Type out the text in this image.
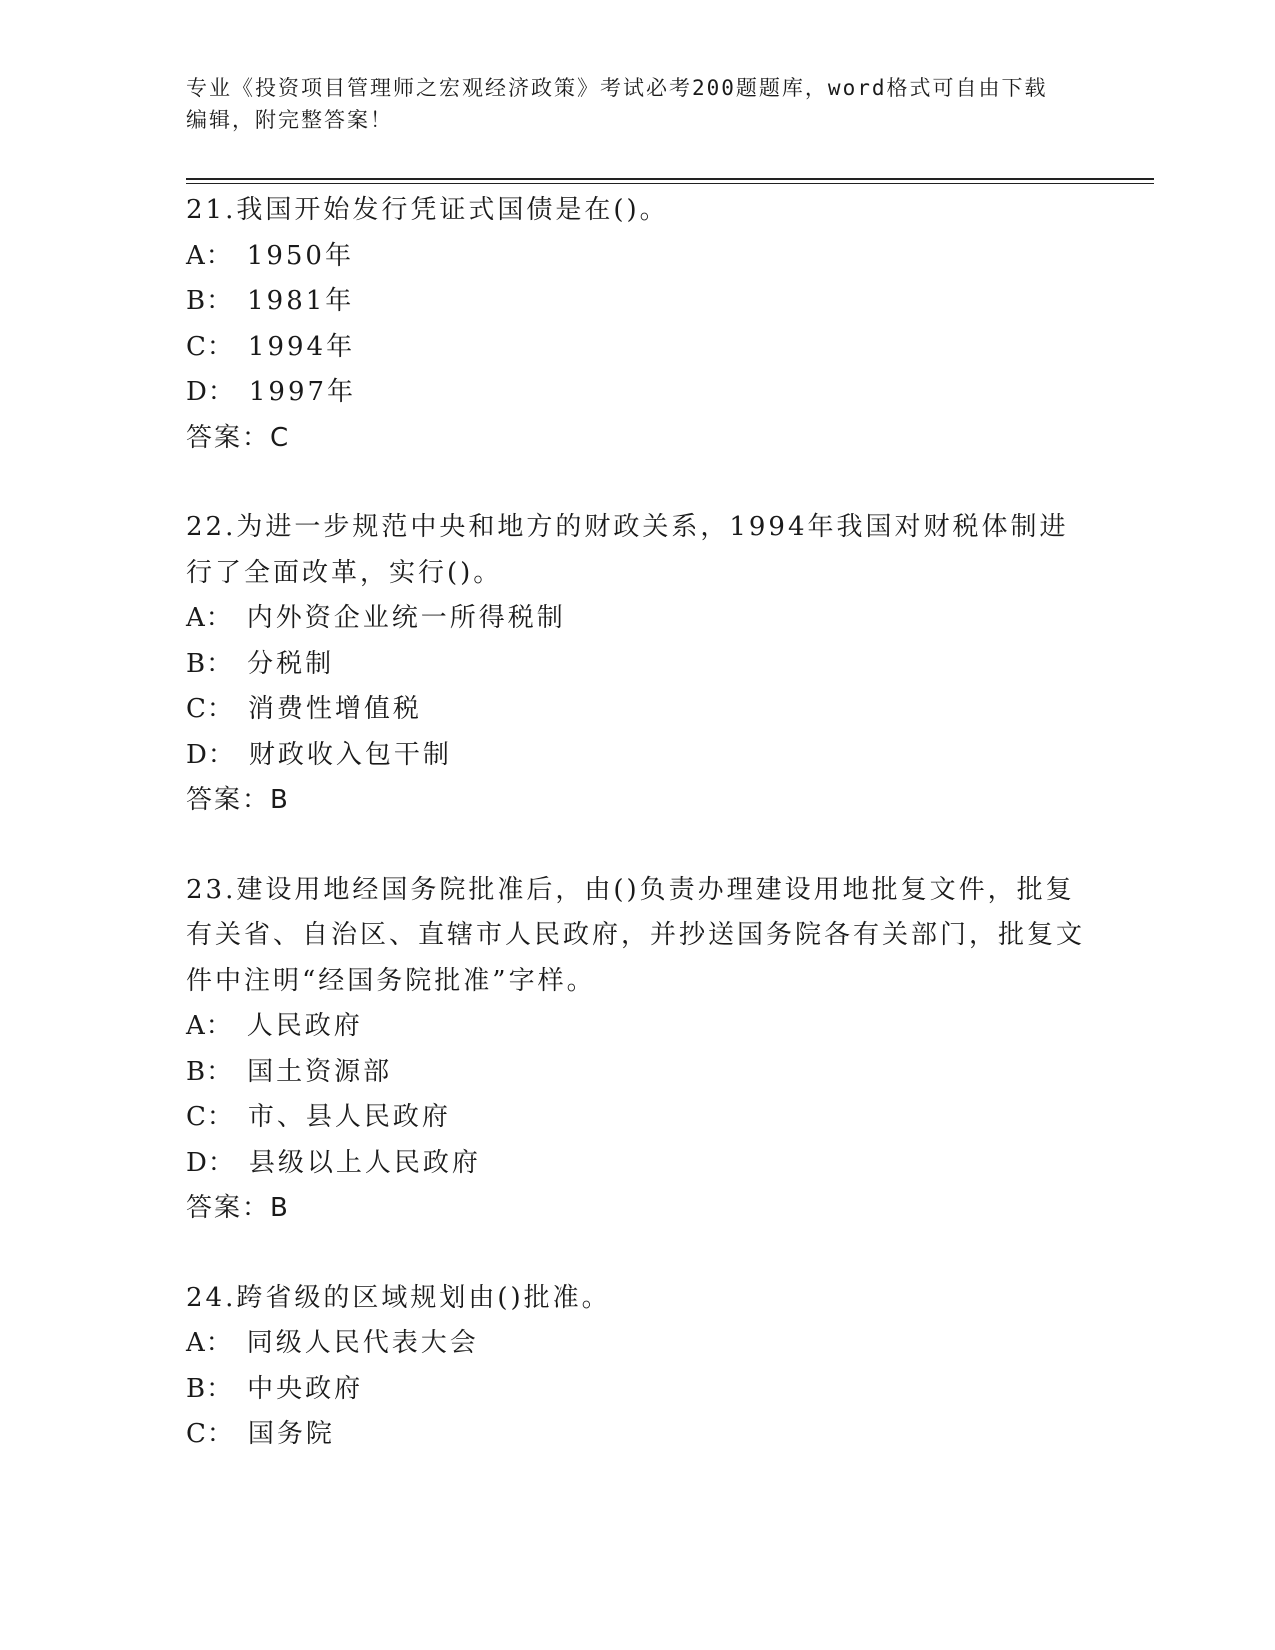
专业《投资项目管理师之宏观经济政策》考试必考200题题库，word格式可自由下载编辑，附完整答案！
21.我国开始发行凭证式国债是在()。
A： 1950年
B： 1981年
C： 1994年
D： 1997年
答案：C
22.为进一步规范中央和地方的财政关系，1994年我国对财税体制进行了全面改革，实行()。
A： 内外资企业统一所得税制
B： 分税制
C： 消费性增值税
D： 财政收入包干制
答案：B
23.建设用地经国务院批准后，由()负责办理建设用地批复文件，批复有关省、自治区、直辖市人民政府，并抄送国务院各有关部门，批复文件中注明“经国务院批准”字样。
A： 人民政府
B： 国土资源部
C： 市、县人民政府
D： 县级以上人民政府
答案：B
24.跨省级的区域规划由()批准。
A： 同级人民代表大会
B： 中央政府
C： 国务院
